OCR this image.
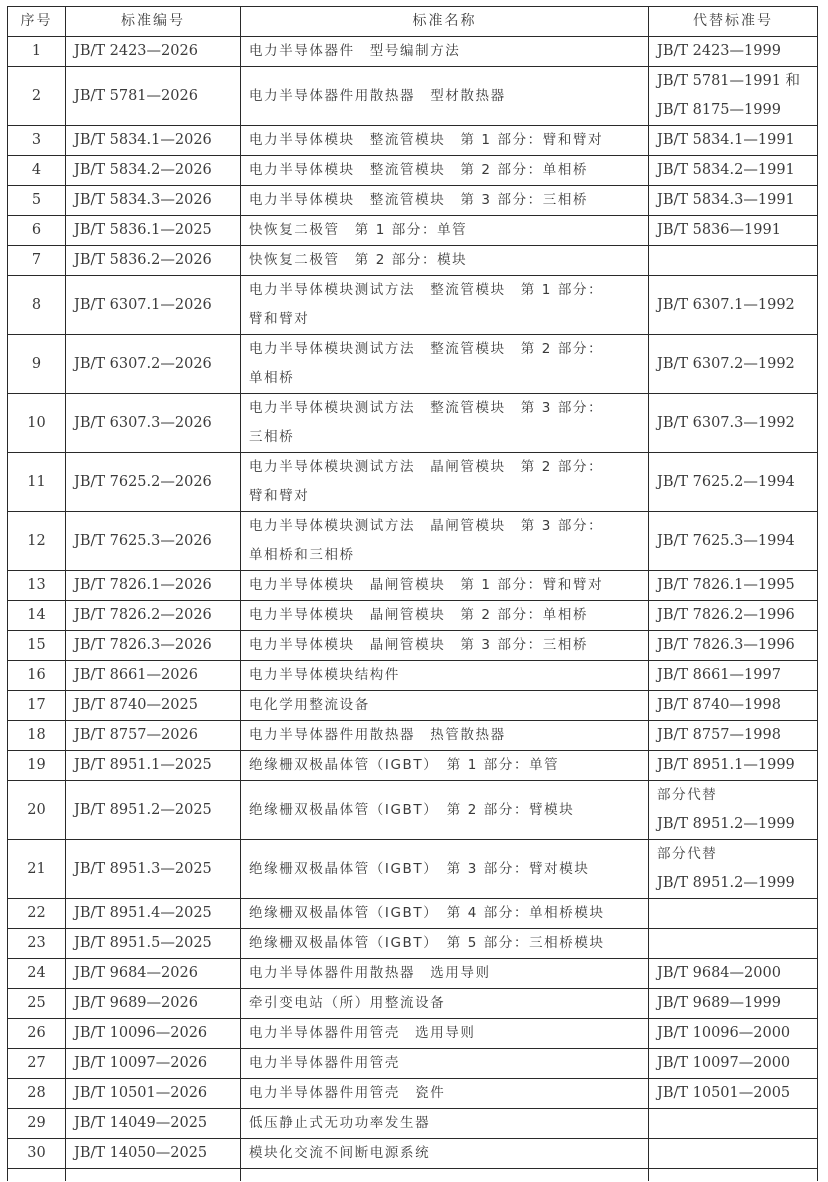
序号	标准编号	标准名称	代替标准号
1	JB/T 2423—2026	电力半导体器件　型号编制方法	JB/T 2423—1999

2	JB/T 5781—2026	电力半导体器件用散热器　型材散热器	JB/T 5781—1991 和
JB/T 8175—1999

3	JB/T 5834.1—2026	电力半导体模块　整流管模块　第 1 部分：臂和臂对	JB/T 5834.1—1991

4	JB/T 5834.2—2026	电力半导体模块　整流管模块　第 2 部分：单相桥	JB/T 5834.2—1991

5	JB/T 5834.3—2026	电力半导体模块　整流管模块　第 3 部分：三相桥	JB/T 5834.3—1991

6	JB/T 5836.1—2025	快恢复二极管　第 1 部分：单管	JB/T 5836—1991

7	JB/T 5836.2—2026	快恢复二极管　第 2 部分：模块	

8	JB/T 6307.1—2026	电力半导体模块测试方法　整流管模块　第 1 部分：
臂和臂对	JB/T 6307.1—1992

9	JB/T 6307.2—2026	电力半导体模块测试方法　整流管模块　第 2 部分：
单相桥	JB/T 6307.2—1992

10	JB/T 6307.3—2026	电力半导体模块测试方法　整流管模块　第 3 部分：
三相桥	JB/T 6307.3—1992

11	JB/T 7625.2—2026	电力半导体模块测试方法　晶闸管模块　第 2 部分：
臂和臂对	JB/T 7625.2—1994

12	JB/T 7625.3—2026	电力半导体模块测试方法　晶闸管模块　第 3 部分：
单相桥和三相桥	JB/T 7625.3—1994

13	JB/T 7826.1—2026	电力半导体模块　晶闸管模块　第 1 部分：臂和臂对	JB/T 7826.1—1995

14	JB/T 7826.2—2026	电力半导体模块　晶闸管模块　第 2 部分：单相桥	JB/T 7826.2—1996

15	JB/T 7826.3—2026	电力半导体模块　晶闸管模块　第 3 部分：三相桥	JB/T 7826.3—1996

16	JB/T 8661—2026	电力半导体模块结构件	JB/T 8661—1997

17	JB/T 8740—2025	电化学用整流设备	JB/T 8740—1998

18	JB/T 8757—2026	电力半导体器件用散热器　热管散热器	JB/T 8757—1998

19	JB/T 8951.1—2025	绝缘栅双极晶体管（IGBT）　第 1 部分：单管	JB/T 8951.1—1999

20	JB/T 8951.2—2025	绝缘栅双极晶体管（IGBT）　第 2 部分：臂模块	部分代替
JB/T 8951.2—1999

21	JB/T 8951.3—2025	绝缘栅双极晶体管（IGBT）　第 3 部分：臂对模块	部分代替
JB/T 8951.2—1999

22	JB/T 8951.4—2025	绝缘栅双极晶体管（IGBT）　第 4 部分：单相桥模块	

23	JB/T 8951.5—2025	绝缘栅双极晶体管（IGBT）　第 5 部分：三相桥模块	

24	JB/T 9684—2026	电力半导体器件用散热器　选用导则	JB/T 9684—2000

25	JB/T 9689—2026	牵引变电站（所）用整流设备	JB/T 9689—1999

26	JB/T 10096—2026	电力半导体器件用管壳　选用导则	JB/T 10096—2000

27	JB/T 10097—2026	电力半导体器件用管壳	JB/T 10097—2000

28	JB/T 10501—2026	电力半导体器件用管壳　瓷件	JB/T 10501—2005

29	JB/T 14049—2025	低压静止式无功功率发生器	

30	JB/T 14050—2025	模块化交流不间断电源系统	
